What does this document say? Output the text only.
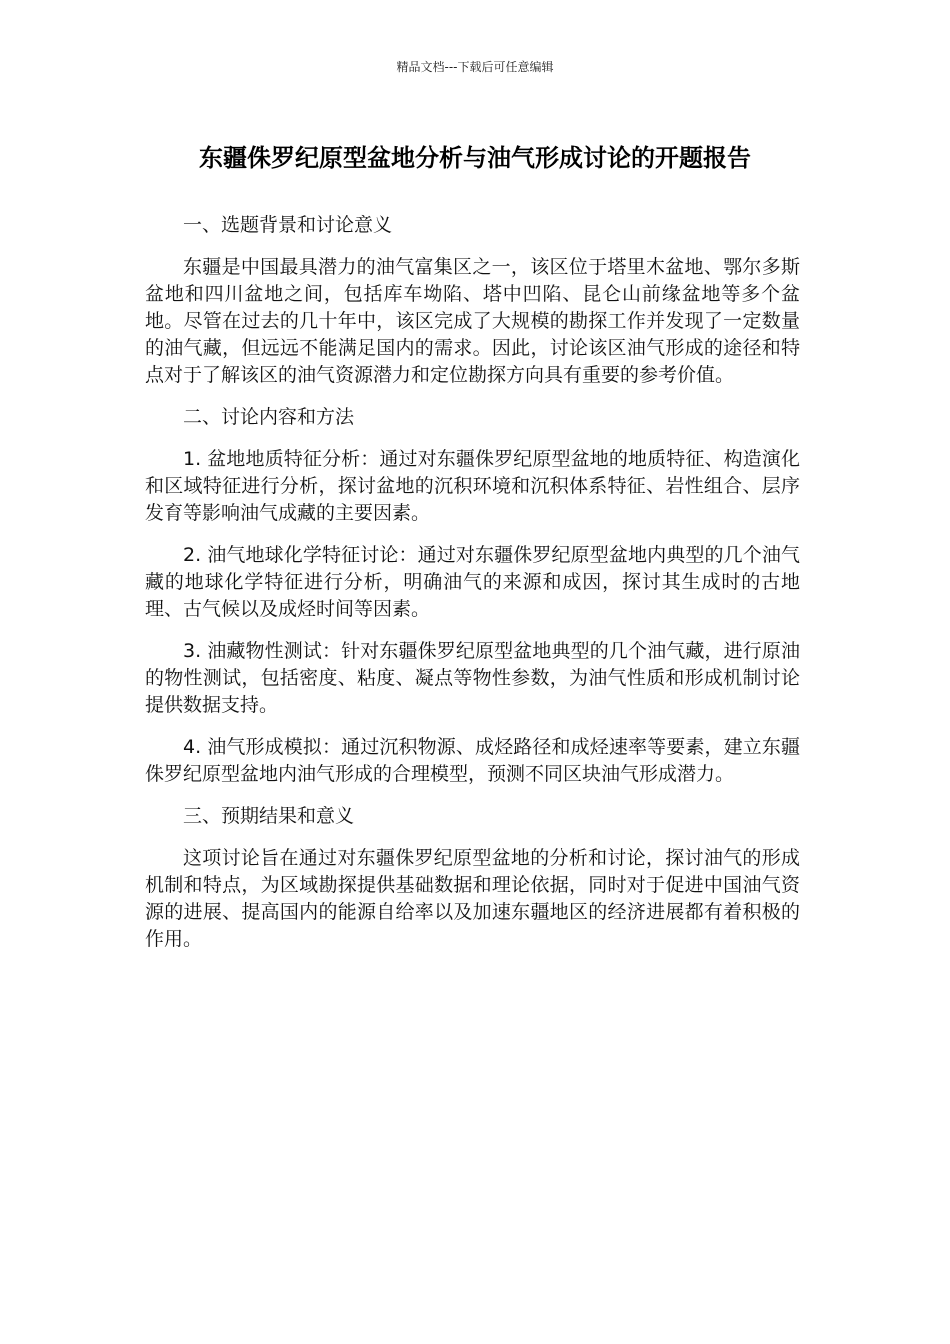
精品文档---下载后可任意编辑
东疆侏罗纪原型盆地分析与油气形成讨论的开题报告

一、选题背景和讨论意义

东疆是中国最具潜力的油气富集区之一，该区位于塔里木盆地、鄂尔多斯盆地和四川盆地之间，包括库车坳陷、塔中凹陷、昆仑山前缘盆地等多个盆地。尽管在过去的几十年中，该区完成了大规模的勘探工作并发现了一定数量的油气藏，但远远不能满足国内的需求。因此，讨论该区油气形成的途径和特点对于了解该区的油气资源潜力和定位勘探方向具有重要的参考价值。

二、讨论内容和方法

1. 盆地地质特征分析：通过对东疆侏罗纪原型盆地的地质特征、构造演化和区域特征进行分析，探讨盆地的沉积环境和沉积体系特征、岩性组合、层序发育等影响油气成藏的主要因素。

2. 油气地球化学特征讨论：通过对东疆侏罗纪原型盆地内典型的几个油气藏的地球化学特征进行分析，明确油气的来源和成因，探讨其生成时的古地理、古气候以及成烃时间等因素。

3. 油藏物性测试：针对东疆侏罗纪原型盆地典型的几个油气藏，进行原油的物性测试，包括密度、粘度、凝点等物性参数，为油气性质和形成机制讨论提供数据支持。

4. 油气形成模拟：通过沉积物源、成烃路径和成烃速率等要素，建立东疆侏罗纪原型盆地内油气形成的合理模型，预测不同区块油气形成潜力。

三、预期结果和意义

这项讨论旨在通过对东疆侏罗纪原型盆地的分析和讨论，探讨油气的形成机制和特点，为区域勘探提供基础数据和理论依据，同时对于促进中国油气资源的进展、提高国内的能源自给率以及加速东疆地区的经济进展都有着积极的作用。
